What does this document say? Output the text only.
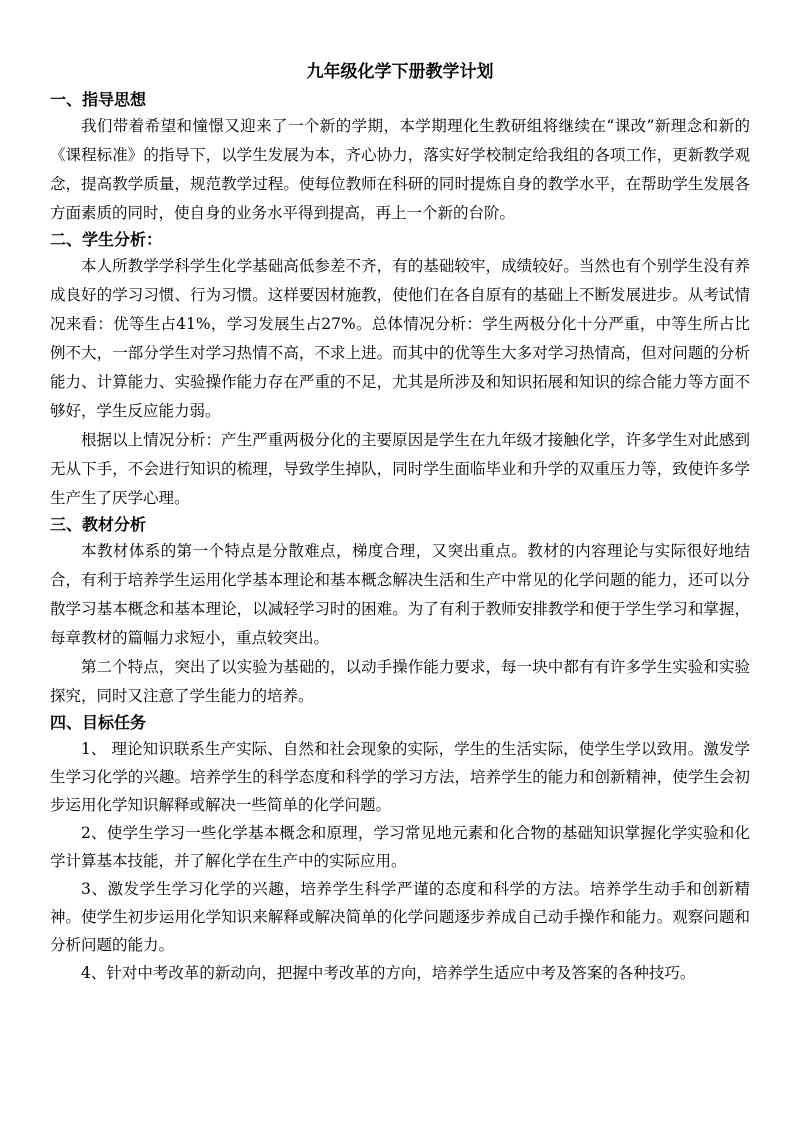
九年级化学下册教学计划
一、指导思想

我们带着希望和憧憬又迎来了一个新的学期，本学期理化生教研组将继续在“课改”新理念和新的《课程标准》的指导下，以学生发展为本，齐心协力，落实好学校制定给我组的各项工作，更新教学观念，提高教学质量，规范教学过程。使每位教师在科研的同时提炼自身的教学水平，在帮助学生发展各方面素质的同时，使自身的业务水平得到提高，再上一个新的台阶。

二、学生分析：

本人所教学学科学生化学基础高低参差不齐，有的基础较牢，成绩较好。当然也有个别学生没有养成良好的学习习惯、行为习惯。这样要因材施教，使他们在各自原有的基础上不断发展进步。从考试情况来看：优等生占41%，学习发展生占27%。总体情况分析：学生两极分化十分严重，中等生所占比例不大，一部分学生对学习热情不高，不求上进。而其中的优等生大多对学习热情高，但对问题的分析能力、计算能力、实验操作能力存在严重的不足，尤其是所涉及和知识拓展和知识的综合能力等方面不够好，学生反应能力弱。

根据以上情况分析：产生严重两极分化的主要原因是学生在九年级才接触化学，许多学生对此感到无从下手，不会进行知识的梳理，导致学生掉队，同时学生面临毕业和升学的双重压力等，致使许多学生产生了厌学心理。

三、教材分析

本教材体系的第一个特点是分散难点，梯度合理，又突出重点。教材的内容理论与实际很好地结合，有利于培养学生运用化学基本理论和基本概念解决生活和生产中常见的化学问题的能力，还可以分散学习基本概念和基本理论，以减轻学习时的困难。为了有利于教师安排教学和便于学生学习和掌握，每章教材的篇幅力求短小，重点较突出。

第二个特点，突出了以实验为基础的，以动手操作能力要求，每一块中都有有许多学生实验和实验探究，同时又注意了学生能力的培养。

四、目标任务

1、 理论知识联系生产实际、自然和社会现象的实际，学生的生活实际，使学生学以致用。激发学生学习化学的兴趣。培养学生的科学态度和科学的学习方法，培养学生的能力和创新精神，使学生会初步运用化学知识解释或解决一些简单的化学问题。

2、使学生学习一些化学基本概念和原理，学习常见地元素和化合物的基础知识掌握化学实验和化学计算基本技能，并了解化学在生产中的实际应用。

3、激发学生学习化学的兴趣，培养学生科学严谨的态度和科学的方法。培养学生动手和创新精神。使学生初步运用化学知识来解释或解决简单的化学问题逐步养成自己动手操作和能力。观察问题和分析问题的能力。

4、针对中考改革的新动向，把握中考改革的方向，培养学生适应中考及答案的各种技巧。
